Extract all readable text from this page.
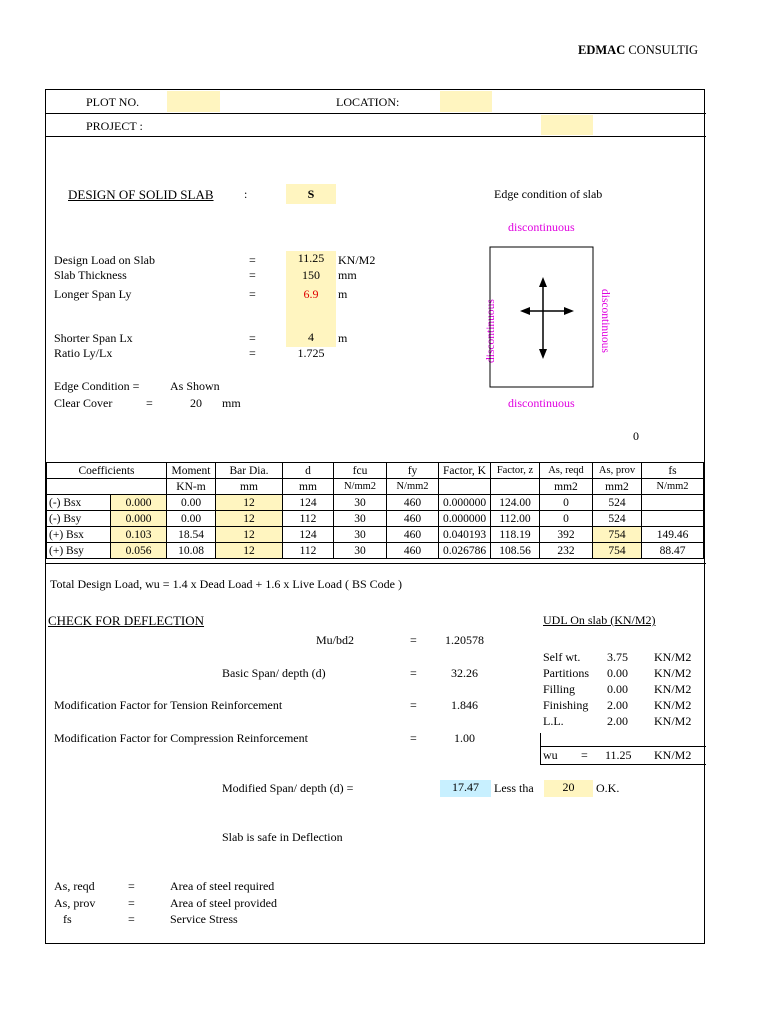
EDMAC CONSULTIG
PLOT NO.	LOCATION:
PROJECT :
DESIGN OF SOLID SLAB	:	S	Edge condition of slab
Design Load on Slab	=	11.25	KN/M2
Slab Thickness	=	150	mm
Longer Span Ly	=	6.9	m
Shorter Span Lx	=	4	m
Ratio Ly/Lx	=	1.725
Edge Condition =	As Shown
Clear Cover	=	20 mm
0
discontinuous
discontinuous
discontinuous	discontinuous
Coefficients		Moment	Bar Dia.	d	fcu	fy	Factor, K	Factor, z	As, reqd	As, prov	fs
		KN-m	mm	mm	N/mm2	N/mm2			mm2	mm2	N/mm2
(-) Bsx	0.000	0.00	12	124	30	460	0.000000	124.00	0	524	
(-) Bsy	0.000	0.00	12	112	30	460	0.000000	112.00	0	524	
(+) Bsx	0.103	18.54	12	124	30	460	0.040193	118.19	392	754	149.46
(+) Bsy	0.056	10.08	12	112	30	460	0.026786	108.56	232	754	88.47
Total Design Load, wu = 1.4 x Dead Load + 1.6 x Live Load ( BS Code )
CHECK FOR DEFLECTION
Mu/bd2	= 1.20578
Basic Span/ depth (d)	=	32.26
Modification Factor for Tension Reinforcement	=	1.846
Modification Factor for Compression Reinforcement	=	1.00
Modified Span/ depth (d) =	17.47	Less tha	20	O.K.
Slab is safe in Deflection
UDL On slab (KN/M2)
Self wt. 3.75 KN/M2
Partitions 0.00 KN/M2
Filling	0.00 KN/M2
Finishing 2.00 KN/M2
L.L.	2.00 KN/M2
wu = 11.25 KN/M2
As, reqd	=	Area of steel required
As, prov	=	Area of steel provided
fs	=	Service Stress
